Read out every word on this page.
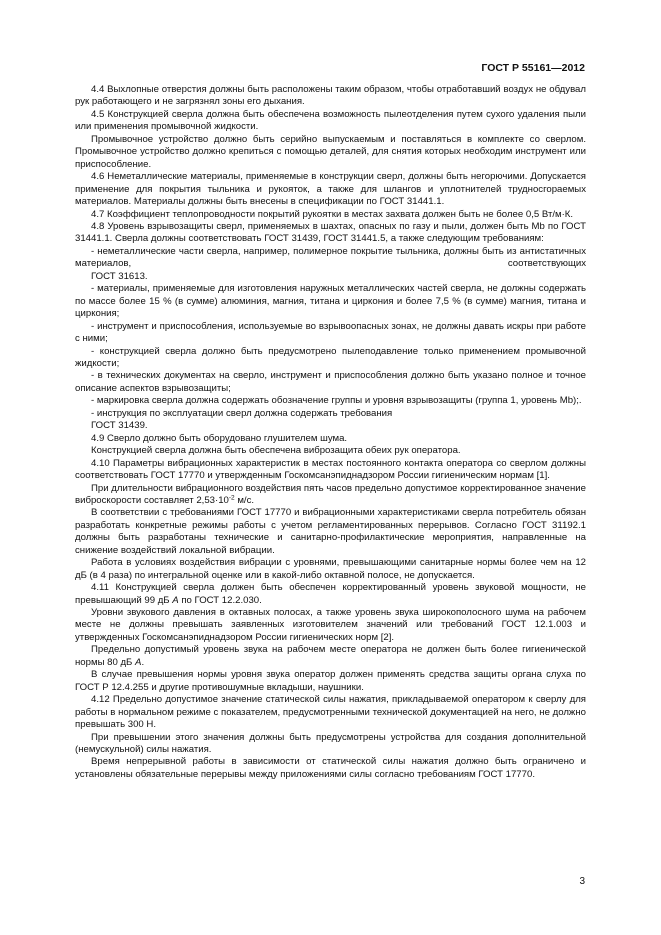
ГОСТ Р 55161—2012

4.4 Выхлопные отверстия должны быть расположены таким образом, чтобы отработавший воздух не обдувал рук работающего и не загрязнял зоны его дыхания.

4.5 Конструкцией сверла должна быть обеспечена возможность пылеотделения путем сухого удаления пыли или применения промывочной жидкости.

Промывочное устройство должно быть серийно выпускаемым и поставляться в комплекте со сверлом. Промывочное устройство должно крепиться с помощью деталей, для снятия которых необходим инструмент или приспособление.

4.6 Неметаллические материалы, применяемые в конструкции сверл, должны быть негорючими. Допускается применение для покрытия тыльника и рукояток, а также для шлангов и уплотнителей трудносгораемых материалов. Материалы должны быть внесены в спецификации по ГОСТ 31441.1.

4.7 Коэффициент теплопроводности покрытий рукоятки в местах захвата должен быть не более 0,5 Вт/м·К.

4.8 Уровень взрывозащиты сверл, применяемых в шахтах, опасных по газу и пыли, должен быть Mb по ГОСТ 31441.1. Сверла должны соответствовать ГОСТ 31439, ГОСТ 31441.5, а также следующим требованиям:

- неметаллические части сверла, например, полимерное покрытие тыльника, должны быть из антистатичных материалов, соответствующих

ГОСТ 31613.

- материалы, применяемые для изготовления наружных металлических частей сверла, не должны содержать по массе более 15 % (в сумме) алюминия, магния, титана и циркония и более 7,5 % (в сумме) магния, титана и циркония;

- инструмент и приспособления, используемые во взрывоопасных зонах, не должны давать искры при работе с ними;

- конструкцией сверла должно быть предусмотрено пылеподавление только применением промывочной жидкости;

- в технических документах на сверло, инструмент и приспособления должно быть указано полное и точное описание аспектов взрывозащиты;

- маркировка сверла должна содержать обозначение группы и уровня взрывозащиты (группа 1, уровень Mb);.

- инструкция по эксплуатации сверл должна содержать требования

ГОСТ 31439.

4.9 Сверло должно быть оборудовано глушителем шума.

Конструкцией сверла должна быть обеспечена виброзащита обеих рук оператора.

4.10 Параметры вибрационных характеристик в местах постоянного контакта оператора со сверлом должны соответствовать ГОСТ 17770 и утвержденным Госкомсанэпиднадзором России гигиеническим нормам [1].

При длительности вибрационного воздействия пять часов предельно допустимое корректированное значение виброскорости составляет $2,53\cdot 10^{-2}$ м/с.

В соответствии с требованиями ГОСТ 17770 и вибрационными характеристиками сверла потребитель обязан разработать конкретные режимы работы с учетом регламентированных перерывов. Согласно ГОСТ 31192.1 должны быть разработаны технические и санитарно-профилактические мероприятия, направленные на снижение воздействий локальной вибрации.

Работа в условиях воздействия вибрации с уровнями, превышающими санитарные нормы более чем на 12 дБ (в 4 раза) по интегральной оценке или в какой-либо октавной полосе, не допускается.

4.11 Конструкцией сверла должен быть обеспечен корректированный уровень звуковой мощности, не превышающий 99 дБ A по ГОСТ 12.2.030.

Уровни звукового давления в октавных полосах, а также уровень звука широкополосного шума на рабочем месте не должны превышать заявленных изготовителем значений или требований ГОСТ 12.1.003 и утвержденных Госкомсанэпиднадзором России гигиенических норм [2].

Предельно допустимый уровень звука на рабочем месте оператора не должен быть более гигиенической нормы 80 дБ A.

В случае превышения нормы уровня звука оператор должен применять средства защиты органа слуха по ГОСТ Р 12.4.255 и другие противошумные вкладыши, наушники.

4.12 Предельно допустимое значение статической силы нажатия, прикладываемой оператором к сверлу для работы в нормальном режиме с показателем, предусмотренными технической документацией на него, не должно превышать 300 Н.

При превышении этого значения должны быть предусмотрены устройства для создания дополнительной (немускульной) силы нажатия.

Время непрерывной работы в зависимости от статической силы нажатия должно быть ограничено и установлены обязательные перерывы между приложениями силы согласно требованиям ГОСТ 17770.

3
